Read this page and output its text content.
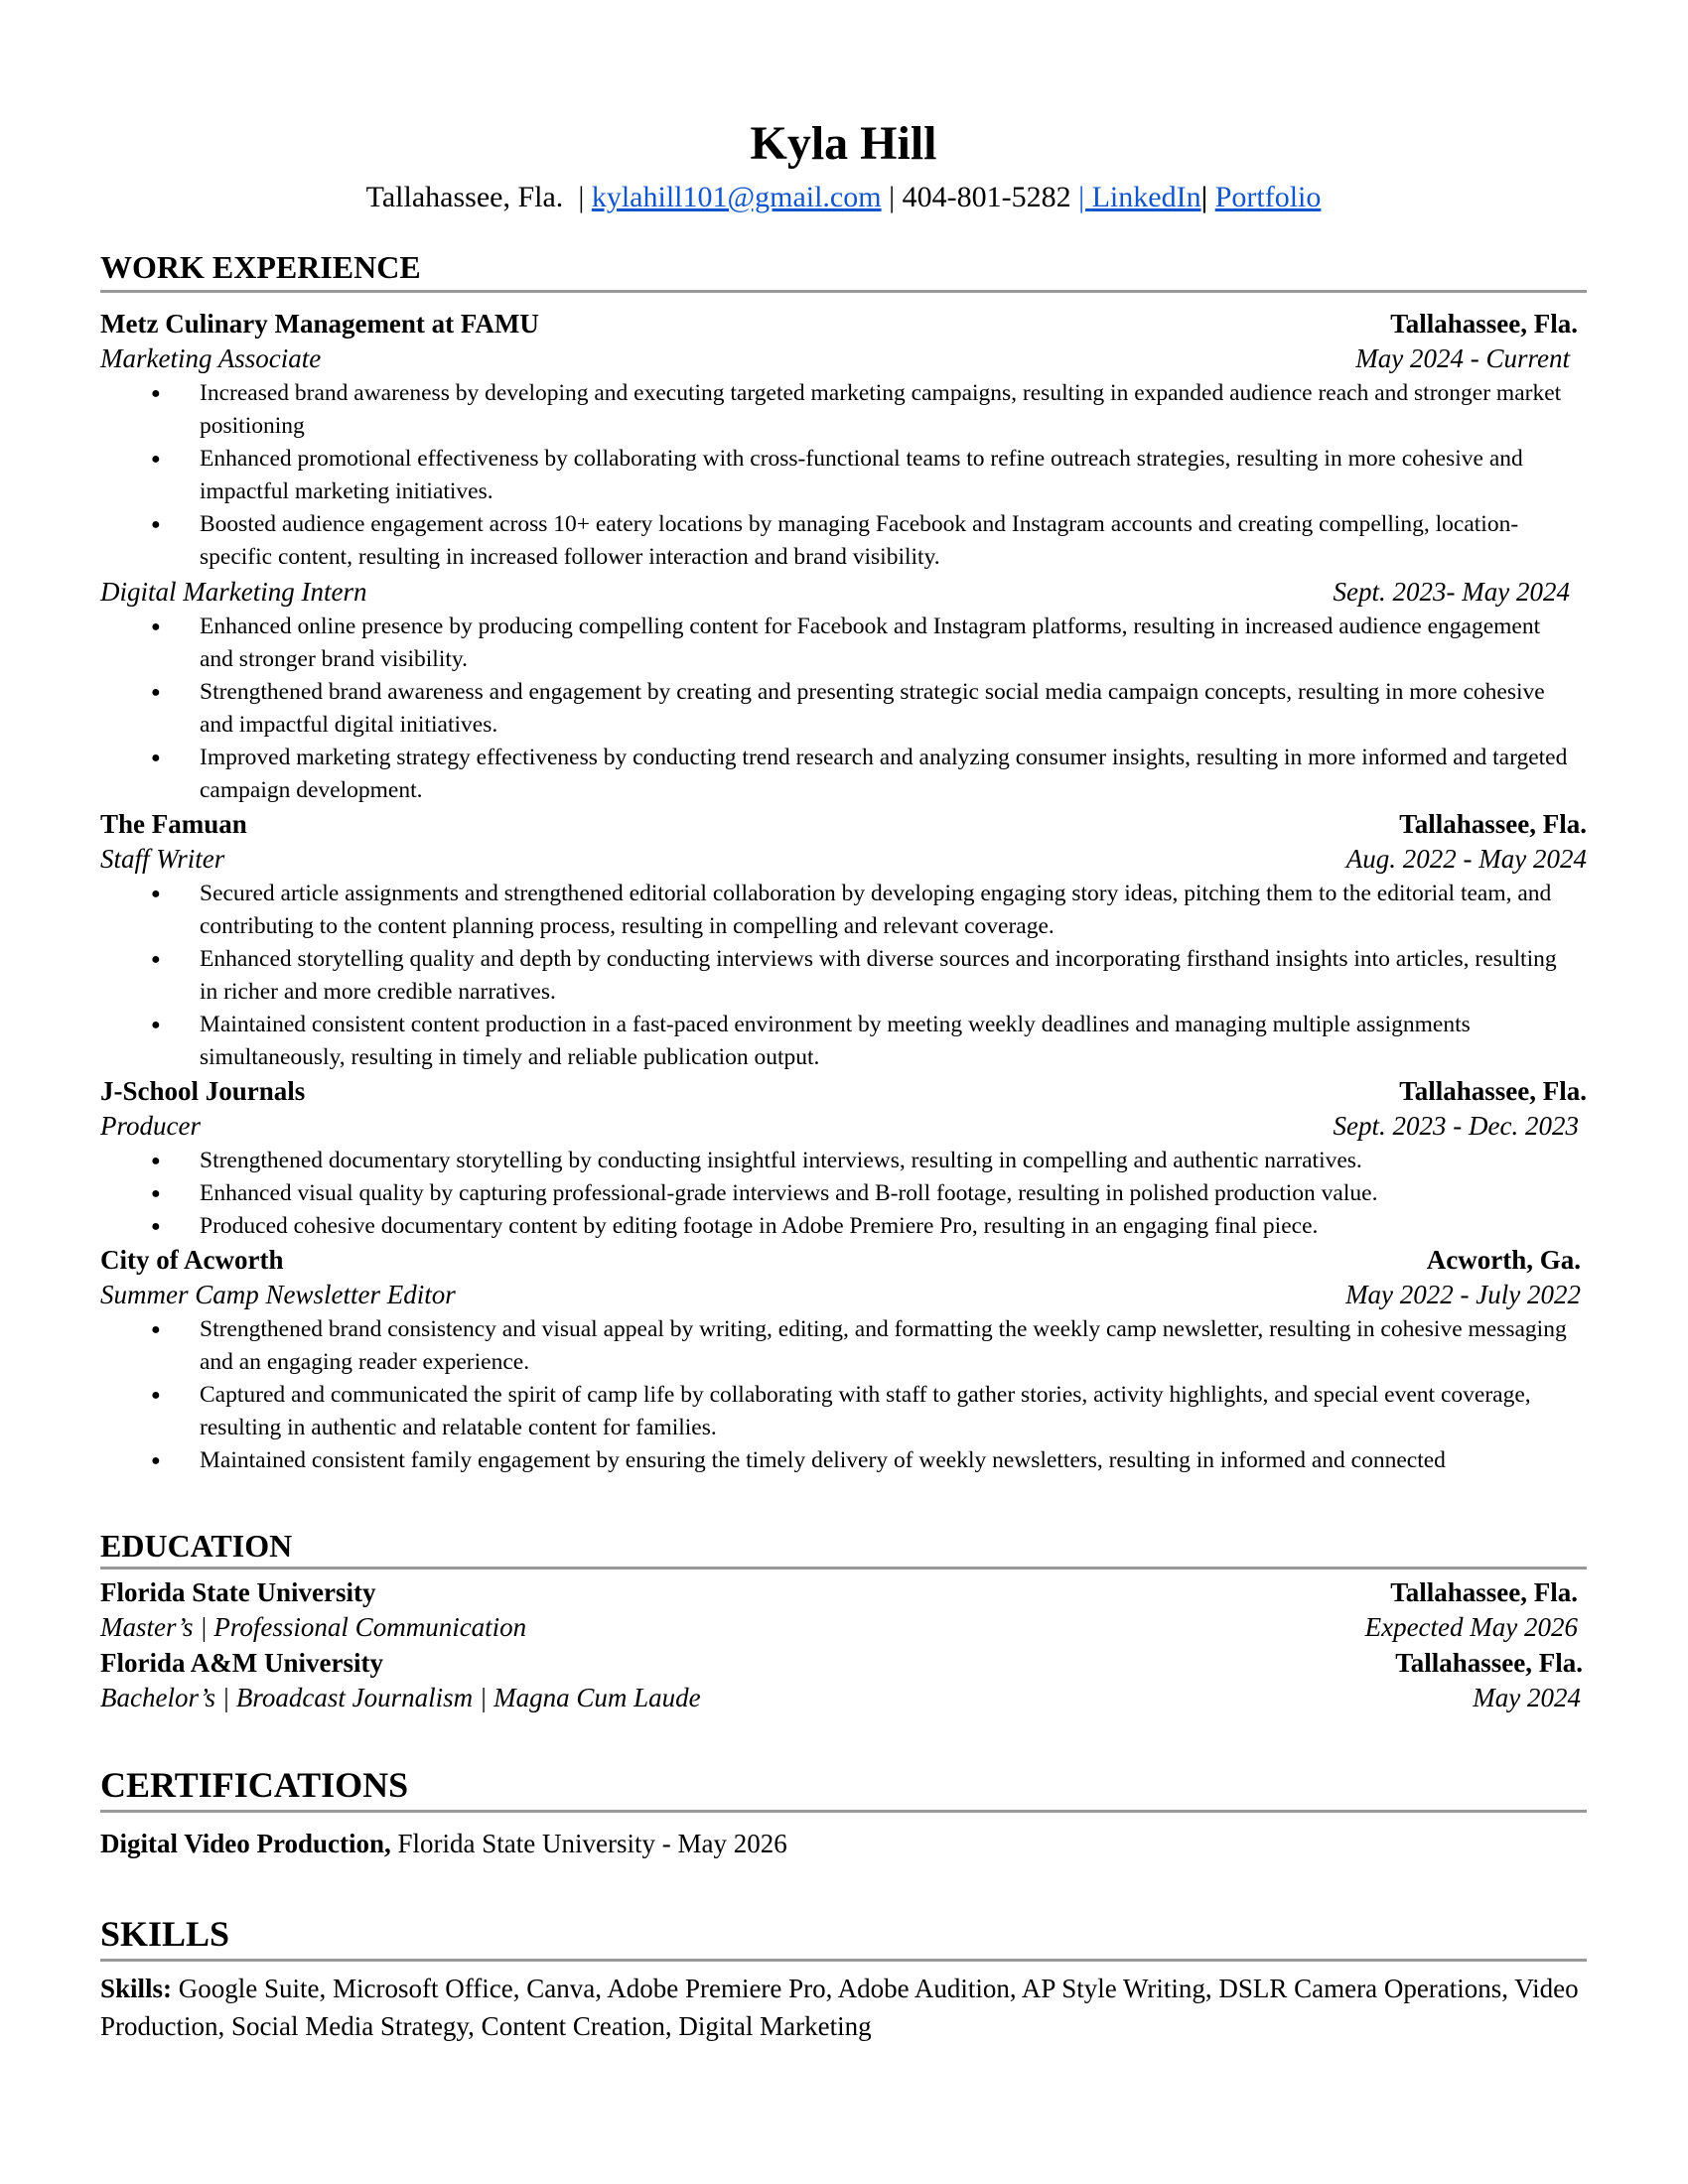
Kyla Hill
Tallahassee, Fla.  | kylahill101@gmail.com | 404-801-5282 | LinkedIn| Portfolio
WORK EXPERIENCE
Metz Culinary Management at FAMU	Tallahassee, Fla.
Marketing Associate	May 2024 - Current
● Increased brand awareness by developing and executing targeted marketing campaigns, resulting in expanded audience reach and stronger market positioning
● Enhanced promotional effectiveness by collaborating with cross-functional teams to refine outreach strategies, resulting in more cohesive and impactful marketing initiatives.
● Boosted audience engagement across 10+ eatery locations by managing Facebook and Instagram accounts and creating compelling, location-specific content, resulting in increased follower interaction and brand visibility.
Digital Marketing Intern	Sept. 2023- May 2024
● Enhanced online presence by producing compelling content for Facebook and Instagram platforms, resulting in increased audience engagement and stronger brand visibility.
● Strengthened brand awareness and engagement by creating and presenting strategic social media campaign concepts, resulting in more cohesive and impactful digital initiatives.
● Improved marketing strategy effectiveness by conducting trend research and analyzing consumer insights, resulting in more informed and targeted campaign development.
The Famuan	Tallahassee, Fla.
Staff Writer	Aug. 2022 - May 2024
● Secured article assignments and strengthened editorial collaboration by developing engaging story ideas, pitching them to the editorial team, and contributing to the content planning process, resulting in compelling and relevant coverage.
● Enhanced storytelling quality and depth by conducting interviews with diverse sources and incorporating firsthand insights into articles, resulting in richer and more credible narratives.
● Maintained consistent content production in a fast-paced environment by meeting weekly deadlines and managing multiple assignments simultaneously, resulting in timely and reliable publication output.
J-School Journals	Tallahassee, Fla.
Producer	Sept. 2023 - Dec. 2023
● Strengthened documentary storytelling by conducting insightful interviews, resulting in compelling and authentic narratives.
● Enhanced visual quality by capturing professional-grade interviews and B-roll footage, resulting in polished production value.
● Produced cohesive documentary content by editing footage in Adobe Premiere Pro, resulting in an engaging final piece.
City of Acworth	Acworth, Ga.
Summer Camp Newsletter Editor	May 2022 - July 2022
● Strengthened brand consistency and visual appeal by writing, editing, and formatting the weekly camp newsletter, resulting in cohesive messaging and an engaging reader experience.
● Captured and communicated the spirit of camp life by collaborating with staff to gather stories, activity highlights, and special event coverage, resulting in authentic and relatable content for families.
● Maintained consistent family engagement by ensuring the timely delivery of weekly newsletters, resulting in informed and connected
EDUCATION
Florida State University	Tallahassee, Fla.
Master’s | Professional Communication	Expected May 2026
Florida A&M University	Tallahassee, Fla.
Bachelor’s | Broadcast Journalism | Magna Cum Laude	May 2024
CERTIFICATIONS
Digital Video Production, Florida State University - May 2026
SKILLS
Skills: Google Suite, Microsoft Office, Canva, Adobe Premiere Pro, Adobe Audition, AP Style Writing, DSLR Camera Operations, Video Production, Social Media Strategy, Content Creation, Digital Marketing
